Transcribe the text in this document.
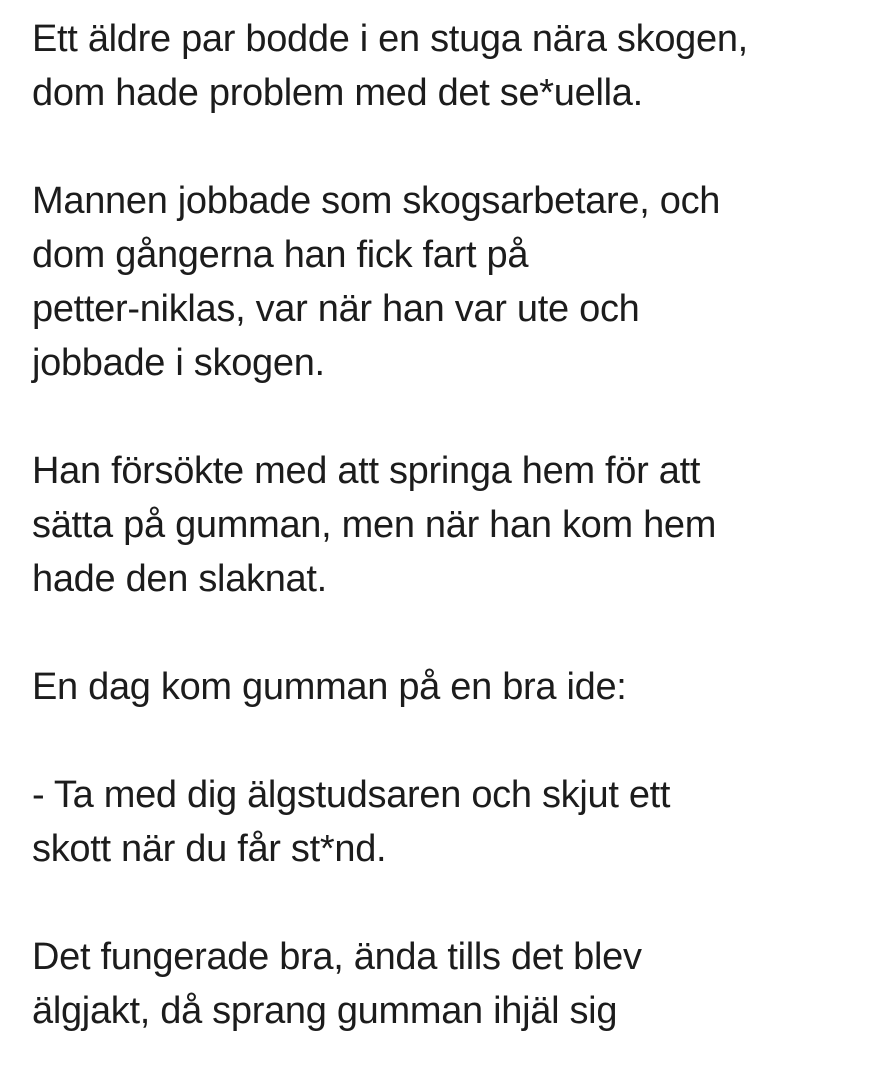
Ett äldre par bodde i en stuga nära skogen,
dom hade problem med det se*uella.

Mannen jobbade som skogsarbetare, och
dom gångerna han fick fart på
petter-niklas, var när han var ute och
jobbade i skogen.

Han försökte med att springa hem för att
sätta på gumman, men när han kom hem
hade den slaknat.

En dag kom gumman på en bra ide:

- Ta med dig älgstudsaren och skjut ett
skott när du får st*nd.

Det fungerade bra, ända tills det blev
älgjakt, då sprang gumman ihjäl sig
